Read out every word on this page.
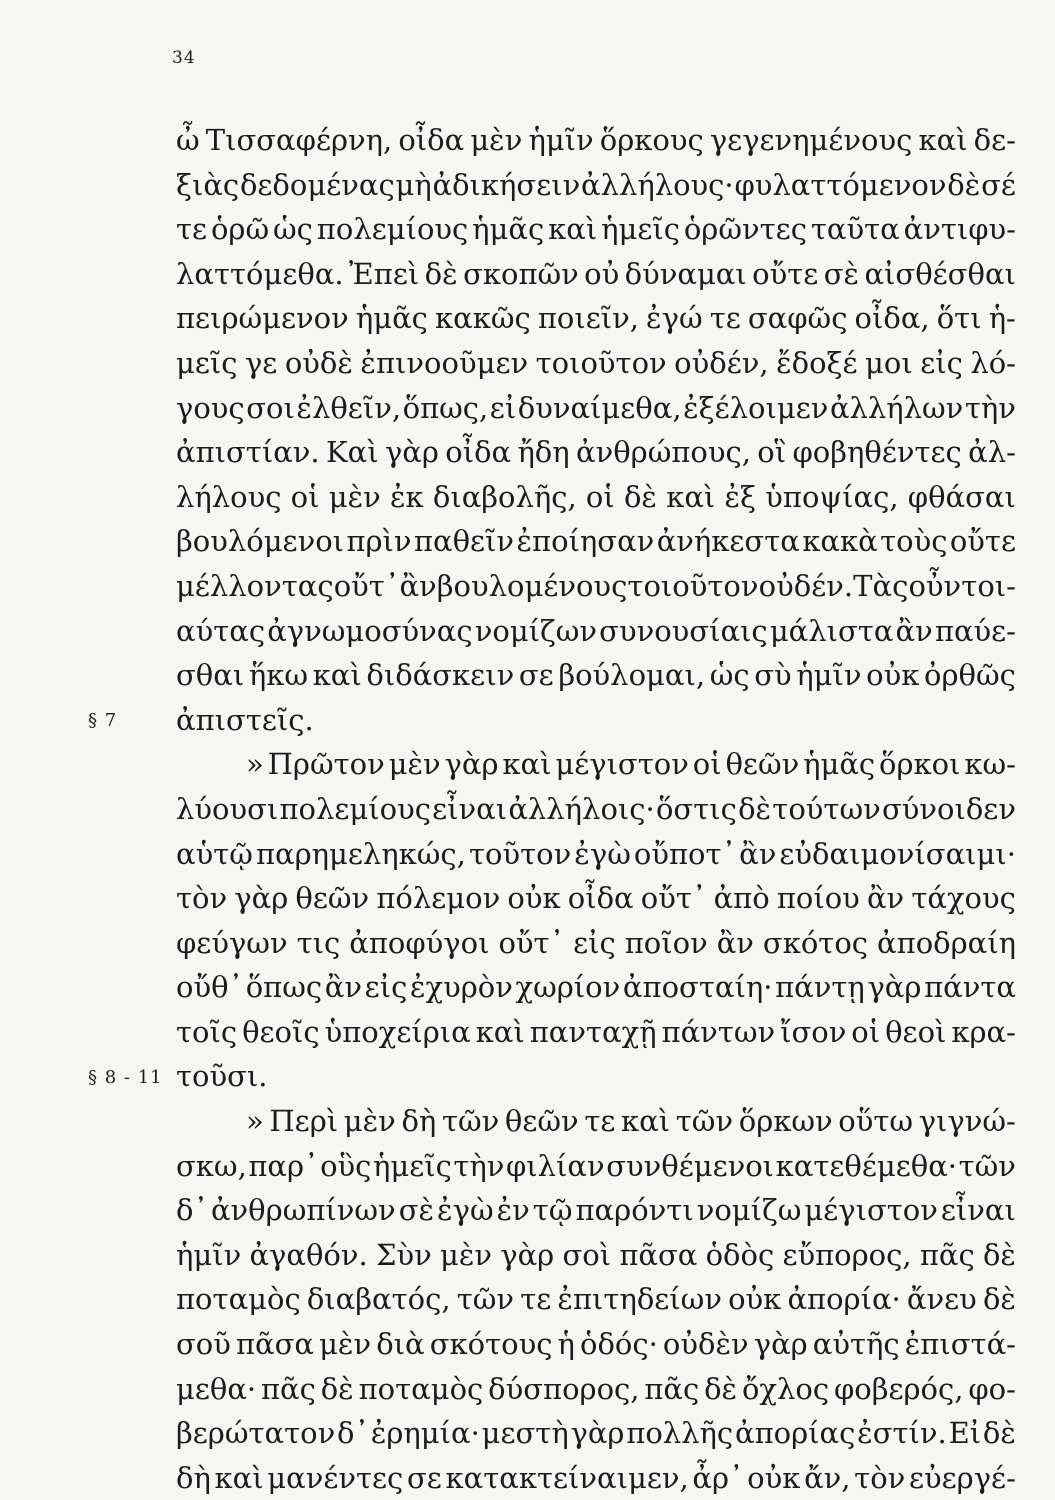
34
§ 7
§ 8 - 11
ὦ Τισσαφέρνη, οἶδα μὲν ἡμῖν ὅρκους γεγενημένους καὶ δε-
ξιὰς δεδομένας μὴ ἀδικήσειν ἀλλήλους· φυλαττόμενον δὲ σέ
τε ὁρῶ ὡς πολεμίους ἡμᾶς καὶ ἡμεῖς ὁρῶντες ταῦτα ἀντιφυ-
λαττόμεθα. Ἐπεὶ δὲ σκοπῶν οὐ δύναμαι οὔτε σὲ αἰσθέσθαι
πειρώμενον ἡμᾶς κακῶς ποιεῖν, ἐγώ τε σαφῶς οἶδα, ὅτι ἡ-
μεῖς γε οὐδὲ ἐπινοοῦμεν τοιοῦτον οὐδέν, ἔδοξέ μοι εἰς λό-
γους σοι ἐλθεῖν, ὅπως, εἰ δυναίμεθα, ἐξέλοιμεν ἀλλήλων τὴν
ἀπιστίαν. Καὶ γὰρ οἶδα ἤδη ἀνθρώπους, οἳ φοβηθέντες ἀλ-
λήλους οἱ μὲν ἐκ διαβολῆς, οἱ δὲ καὶ ἐξ ὑποψίας, φθάσαι
βουλόμενοι πρὶν παθεῖν ἐποίησαν ἀνήκεστα κακὰ τοὺς οὔτε
μέλλοντας οὔτ᾽ ἂν βουλομένους τοιοῦτον οὐδέν. Τὰς οὖν τοι-
αύτας ἀγνωμοσύνας νομίζων συνουσίαις μάλιστα ἂν παύε-
σθαι ἥκω καὶ διδάσκειν σε βούλομαι, ὡς σὺ ἡμῖν οὐκ ὀρθῶς
ἀπιστεῖς.
» Πρῶτον μὲν γὰρ καὶ μέγιστον οἱ θεῶν ἡμᾶς ὅρκοι κω-
λύουσι πολεμίους εἶναι ἀλλήλοις· ὅστις δὲ τούτων σύνοιδεν
αὑτῷ παρημεληκώς, τοῦτον ἐγὼ οὔποτ᾽ ἂν εὐδαιμονίσαιμι·
τὸν γὰρ θεῶν πόλεμον οὐκ οἶδα οὔτ᾽ ἀπὸ ποίου ἂν τάχους
φεύγων τις ἀποφύγοι οὔτ᾽ εἰς ποῖον ἂν σκότος ἀποδραίη
οὔθ᾽ ὅπως ἂν εἰς ἐχυρὸν χωρίον ἀποσταίη· πάντῃ γὰρ πάντα
τοῖς θεοῖς ὑποχείρια καὶ πανταχῇ πάντων ἴσον οἱ θεοὶ κρα-
τοῦσι.
» Περὶ μὲν δὴ τῶν θεῶν τε καὶ τῶν ὅρκων οὕτω γιγνώ-
σκω, παρ᾽ οὓς ἡμεῖς τὴν φιλίαν συνθέμενοι κατεθέμεθα· τῶν
δ᾽ ἀνθρωπίνων σὲ ἐγὼ ἐν τῷ παρόντι νομίζω μέγιστον εἶναι
ἡμῖν ἀγαθόν. Σὺν μὲν γὰρ σοὶ πᾶσα ὁδὸς εὔπορος, πᾶς δὲ
ποταμὸς διαβατός, τῶν τε ἐπιτηδείων οὐκ ἀπορία· ἄνευ δὲ
σοῦ πᾶσα μὲν διὰ σκότους ἡ ὁδός· οὐδὲν γὰρ αὐτῆς ἐπιστά-
μεθα· πᾶς δὲ ποταμὸς δύσπορος, πᾶς δὲ ὄχλος φοβερός, φο-
βερώτατον δ᾽ ἐρημία· μεστὴ γὰρ πολλῆς ἀπορίας ἐστίν. Εἰ δὲ
δὴ καὶ μανέντες σε κατακτείναιμεν, ἆρ᾽ οὐκ ἄν, τὸν εὐεργέ-
